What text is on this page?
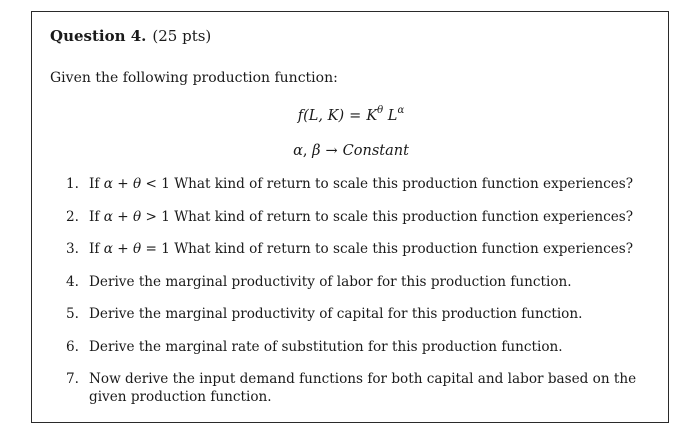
Question 4. (25 pts)
Given the following production function:
f(L, $K) = K^\theta$ $L^\alpha$
α, β → Constant
1. If α + θ < 1 What kind of return to scale this production function experiences?
2. If α + θ > 1 What kind of return to scale this production function experiences?
3. If α + θ = 1 What kind of return to scale this production function experiences?
4. Derive the marginal productivity of labor for this production function.
5. Derive the marginal productivity of capital for this production function.
6. Derive the marginal rate of substitution for this production function.
7. Now derive the input demand functions for both capital and labor based on the given production function.
